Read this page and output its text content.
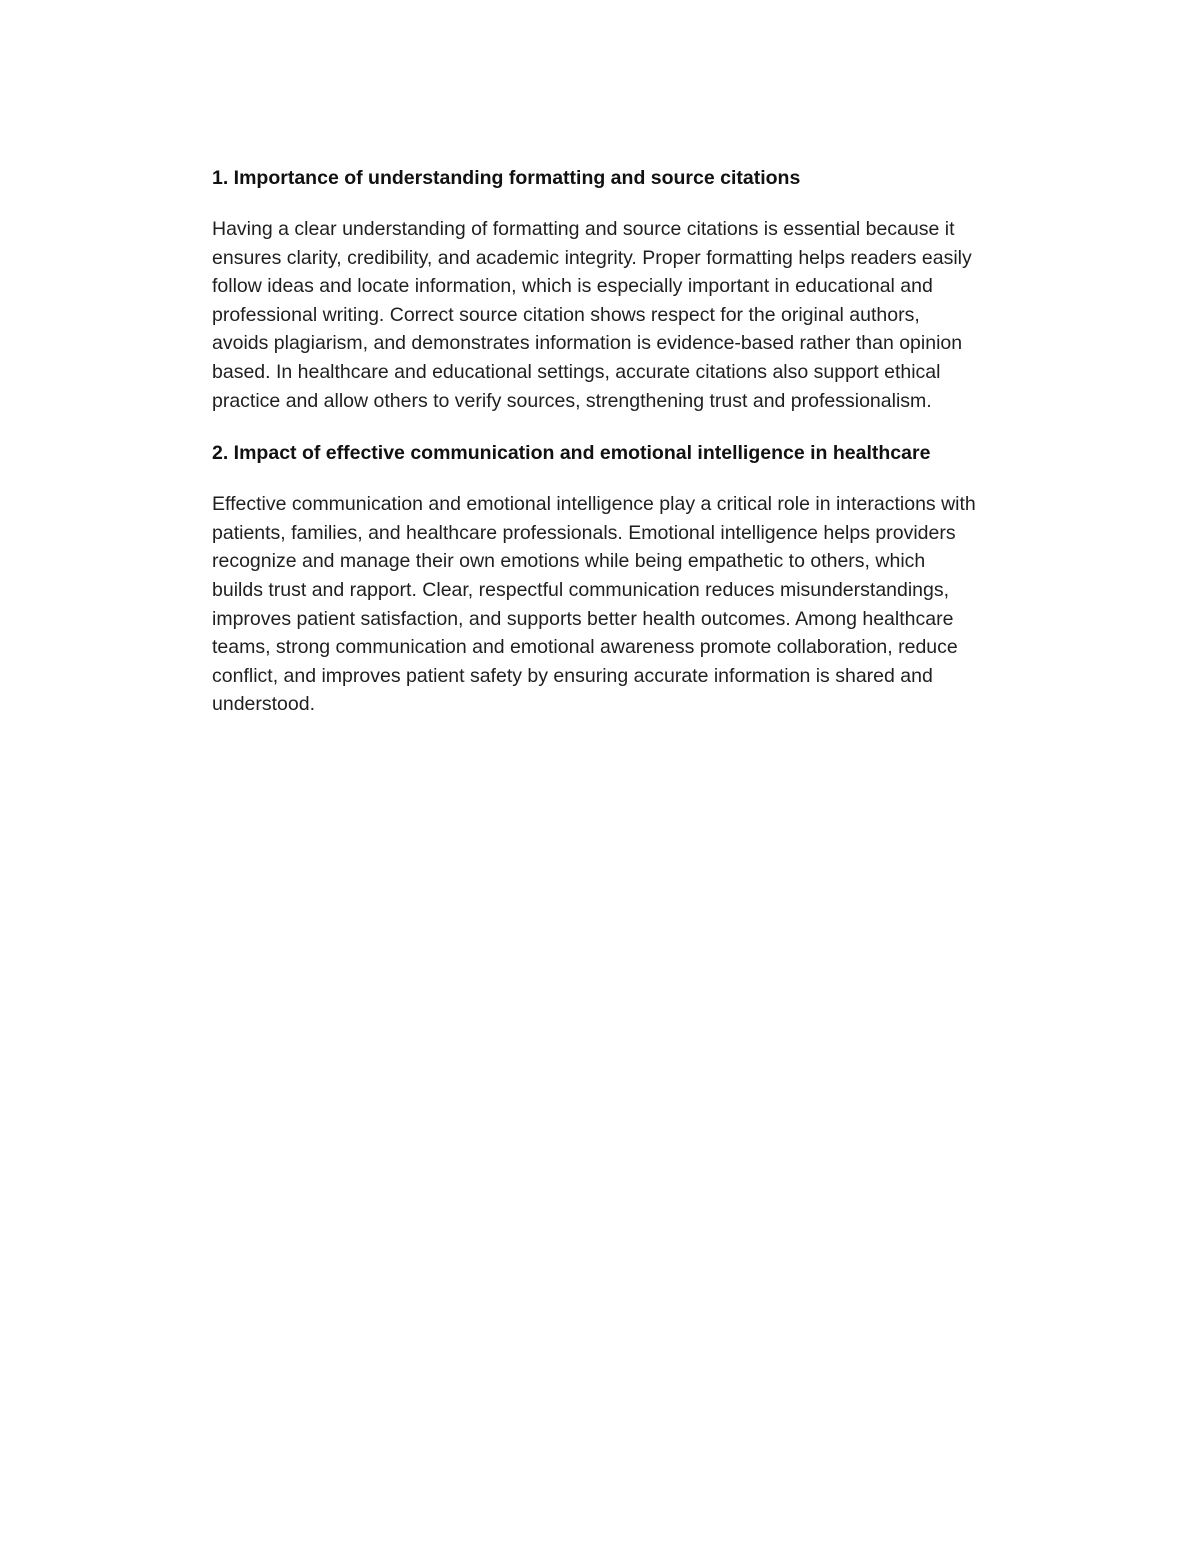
1. Importance of understanding formatting and source citations

Having a clear understanding of formatting and source citations is essential because it
ensures clarity, credibility, and academic integrity. Proper formatting helps readers easily
follow ideas and locate information, which is especially important in educational and
professional writing. Correct source citation shows respect for the original authors,
avoids plagiarism, and demonstrates information is evidence-based rather than opinion
based. In healthcare and educational settings, accurate citations also support ethical
practice and allow others to verify sources, strengthening trust and professionalism.

2. Impact of effective communication and emotional intelligence in healthcare

Effective communication and emotional intelligence play a critical role in interactions with
patients, families, and healthcare professionals. Emotional intelligence helps providers
recognize and manage their own emotions while being empathetic to others, which
builds trust and rapport. Clear, respectful communication reduces misunderstandings,
improves patient satisfaction, and supports better health outcomes. Among healthcare
teams, strong communication and emotional awareness promote collaboration, reduce
conflict, and improves patient safety by ensuring accurate information is shared and
understood.
